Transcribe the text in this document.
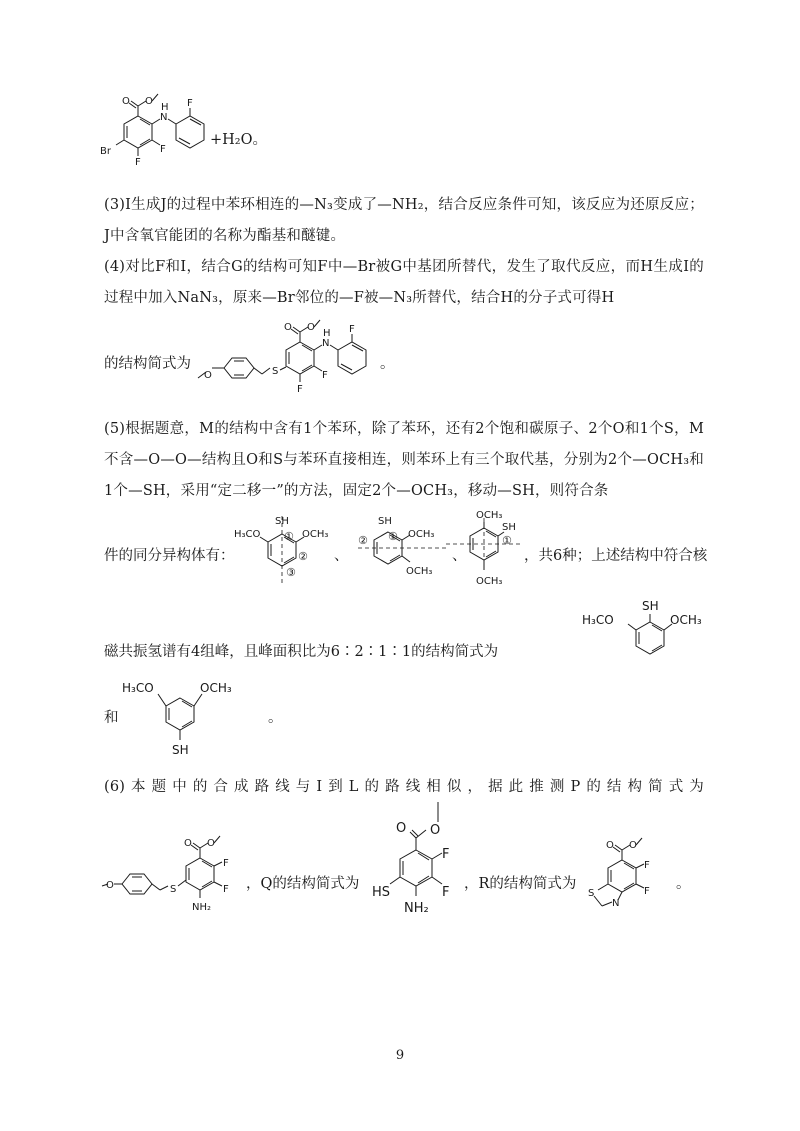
O O
H
N
F
F
F
Br
+H₂O。
(3)I生成J的过程中苯环相连的—N₃变成了—NH₂，结合反应条件可知，该反应为还原反应；J中含氧官能团的名称为酯基和醚键。
(4)对比F和I，结合G的结构可知F中—Br被G中基团所替代，发生了取代反应，而H生成I的过程中加入NaN₃，原来—Br邻位的—F被—N₃所替代，结合H的分子式可得H
的结构简式为
O	S
O O
H
N
F
F
F
。
(5)根据题意，M的结构中含有1个苯环，除了苯环，还有2个饱和碳原子、2个O和1个S，M不含—O—O—结构且O和S与苯环直接相连，则苯环上有三个取代基，分别为2个—OCH₃和1个—SH，采用“定二移一”的方法，固定2个—OCH₃，移动—SH，则符合条
件的同分异构体有：
SH
H₃CO	OCH₃
①
②
③
、
SH
①
②	OCH₃
OCH₃
、
OCH₃
SH
①
OCH₃
，共6种；上述结构中符合核
磁共振氢谱有4组峰，且峰面积比为6∶2∶1∶1的结构简式为
SH
H₃CO	OCH₃
和
H₃CO	OCH₃
SH
。
(6)本题中的合成路线与I到L的路线相似，据此推测P的结构简式为
O	S
O O
F
F
NH₂
，Q的结构简式为
O O
F
F
HS
NH₂
，R的结构简式为
O O
F
F
S
N
。
9
